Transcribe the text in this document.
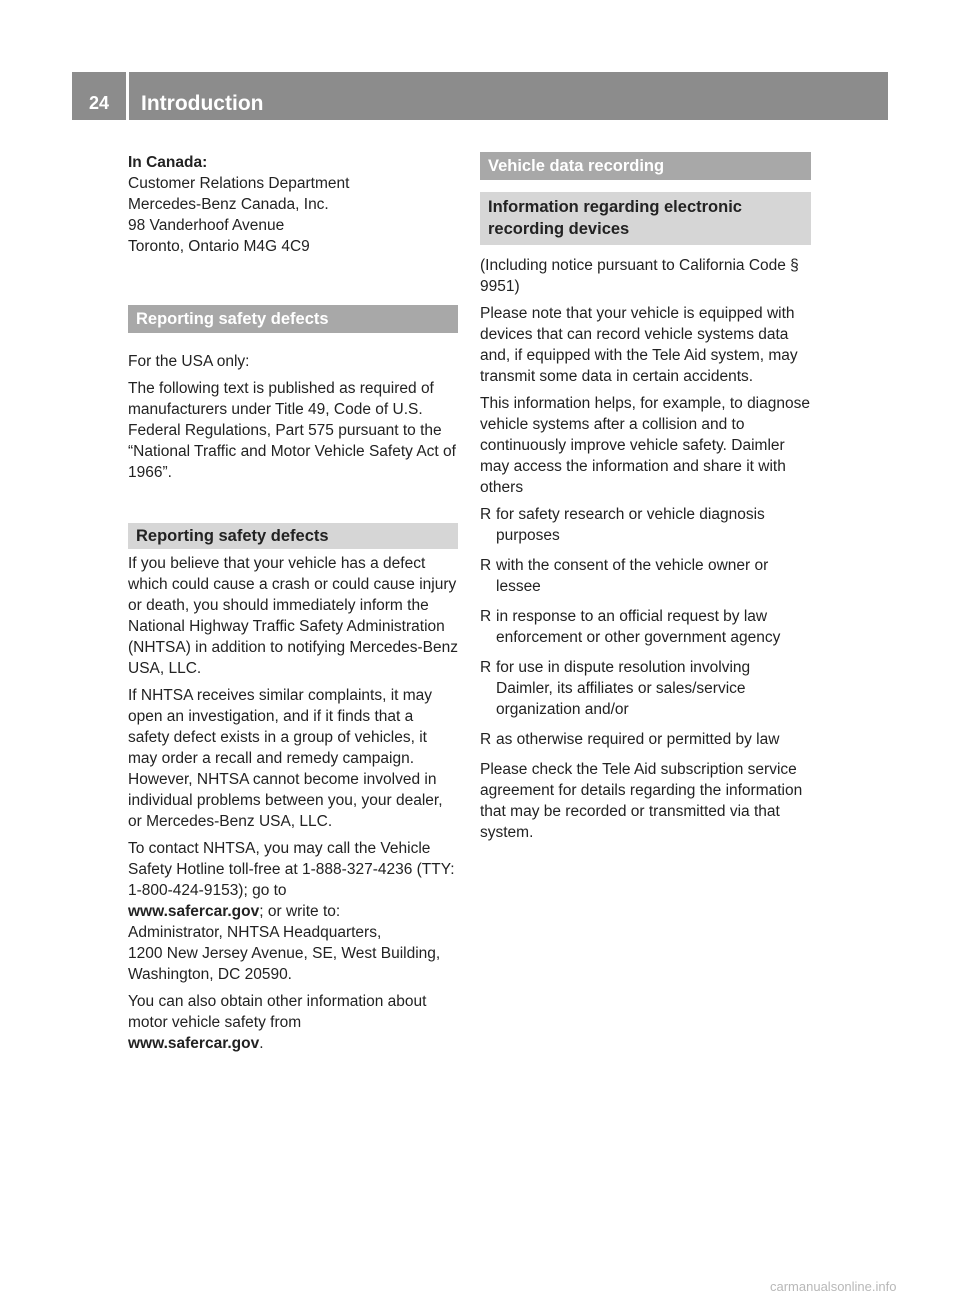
24	Introduction

In Canada:

Customer Relations Department

Mercedes-Benz Canada, Inc.

98 Vanderhoof Avenue

Toronto, Ontario M4G 4C9

Reporting safety defects

For the USA only:

The following text is published as required of manufacturers under Title 49, Code of U.S. Federal Regulations, Part 575 pursuant to the “National Traffic and Motor Vehicle Safety Act of 1966”.

Reporting safety defects

If you believe that your vehicle has a defect which could cause a crash or could cause injury or death, you should immediately inform the National Highway Traffic Safety Administration (NHTSA) in addition to notifying Mercedes-Benz USA, LLC.

If NHTSA receives similar complaints, it may open an investigation, and if it finds that a safety defect exists in a group of vehicles, it may order a recall and remedy campaign. However, NHTSA cannot become involved in individual problems between you, your dealer, or Mercedes-Benz USA, LLC.

To contact NHTSA, you may call the Vehicle Safety Hotline toll-free at 1-888-327-4236 (TTY: 1-800-424-9153); go to
www.safercar.gov; or write to:
Administrator, NHTSA Headquarters,
1200 New Jersey Avenue, SE, West Building,
Washington, DC 20590.

You can also obtain other information about motor vehicle safety from
www.safercar.gov.

Vehicle data recording
Information regarding electronic recording devices

(Including notice pursuant to California Code § 9951)

Please note that your vehicle is equipped with devices that can record vehicle systems data and, if equipped with the Tele Aid system, may transmit some data in certain accidents.

This information helps, for example, to diagnose vehicle systems after a collision and to continuously improve vehicle safety. Daimler may access the information and share it with others

R for safety research or vehicle diagnosis purposes
R with the consent of the vehicle owner or lessee
R in response to an official request by law enforcement or other government agency
R for use in dispute resolution involving Daimler, its affiliates or sales/service organization and/or
R as otherwise required or permitted by law

Please check the Tele Aid subscription service agreement for details regarding the information that may be recorded or transmitted via that system.

carmanualsonline.info
